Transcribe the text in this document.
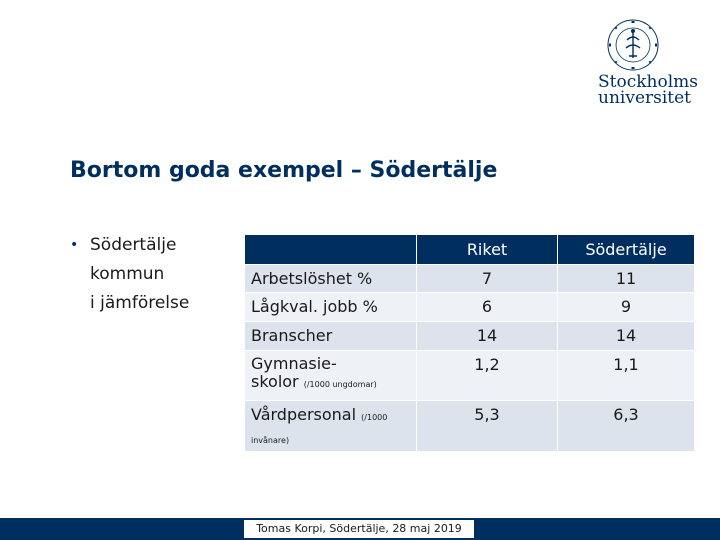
Stockholms
universitet
Bortom goda exempel – Södertälje
• Södertälje
kommun
i jämförelse
	Riket	Södertälje
Arbetslöshet %	7	11
Lågkval. jobb %	6	9
Branscher	14	14
Gymnasie-
skolor (/1000 ungdomar)	1,2	1,1
Vårdpersonal (/1000
invånare)	5,3	6,3
Tomas Korpi, Södertälje, 28 maj 2019
